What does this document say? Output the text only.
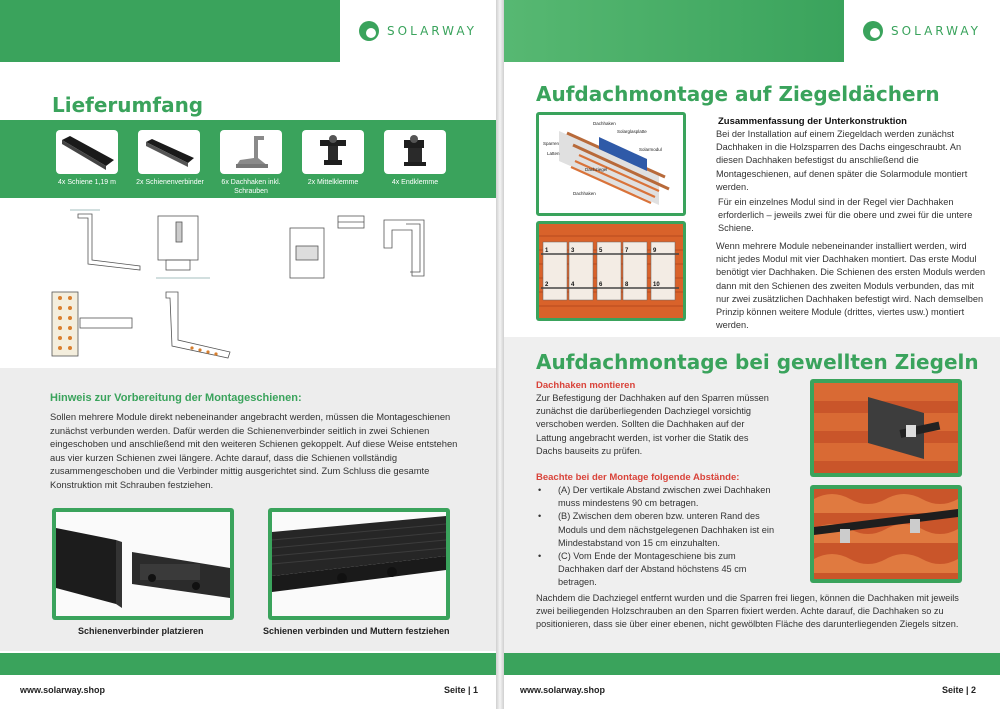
SOLARWAY
Lieferumfang
4x Schiene 1,19 m	2x Schienenverbinder	6x Dachhaken inkl. Schrauben
2x Mittelklemme	4x Endklemme
Hinweis zur Vorbereitung der Montageschienen:
Sollen mehrere Module direkt nebeneinander angebracht werden, müssen die Montageschienen zunächst verbunden werden. Dafür werden die Schienenverbinder seitlich in zwei Schienen eingeschoben und anschließend mit den weiteren Schienen gekoppelt. Auf diese Weise entstehen aus vier kurzen Schienen zwei längere. Achte darauf, dass die Schienen vollständig zusammengeschoben und die Verbinder mittig ausgerichtet sind. Zum Schluss die gesamte Konstruktion mit Schrauben festziehen.
Schienenverbinder platzieren	Schienen verbinden und Muttern festziehen
www.solarway.shop	Seite | 1
SOLARWAY
Aufdachmontage auf Ziegeldächern
Dachhaken
Sparren
Solarglasplatte
Solarmodul
Latten
Dachziegel
Dachhaken
1	3	5	7	9
2	4	6	8	10
Zusammenfassung der Unterkonstruktion
Bei der Installation auf einem Ziegeldach werden zunächst Dachhaken in die Holzsparren des Dachs eingeschraubt. An diesen Dachhaken befestigst du anschließend die Montageschienen, auf denen später die Solarmodule montiert werden.
Für ein einzelnes Modul sind in der Regel vier Dachhaken erforderlich – jeweils zwei für die obere und zwei für die untere Schiene.
Wenn mehrere Module nebeneinander installiert werden, wird nicht jedes Modul mit vier Dachhaken montiert. Das erste Modul benötigt vier Dachhaken. Die Schienen des ersten Moduls werden dann mit den Schienen des zweiten Moduls verbunden, das mit nur zwei zusätzlichen Dachhaken befestigt wird. Nach demselben Prinzip können weitere Module (drittes, viertes usw.) montiert werden.
Aufdachmontage bei gewellten Ziegeln
Dachhaken montieren
Zur Befestigung der Dachhaken auf den Sparren müssen zunächst die darüberliegenden Dachziegel vorsichtig verschoben werden. Sollten die Dachhaken auf der Lattung angebracht werden, ist vorher die Statik des Dachs bauseits zu prüfen.
Beachte bei der Montage folgende Abstände:
• (A) Der vertikale Abstand zwischen zwei Dachhaken muss mindestens 90 cm betragen.
• (B) Zwischen dem oberen bzw. unteren Rand des Moduls und dem nächstgelegenen Dachhaken ist ein Mindestabstand von 15 cm einzuhalten.
• (C) Vom Ende der Montageschiene bis zum Dachhaken darf der Abstand höchstens 45 cm betragen.
Nachdem die Dachziegel entfernt wurden und die Sparren frei liegen, können die Dachhaken mit jeweils zwei beiliegenden Holzschrauben an den Sparren fixiert werden. Achte darauf, die Dachhaken so zu positionieren, dass sie über einer ebenen, nicht gewölbten Fläche des darunterliegenden Ziegels sitzen.
www.solarway.shop	Seite | 2
